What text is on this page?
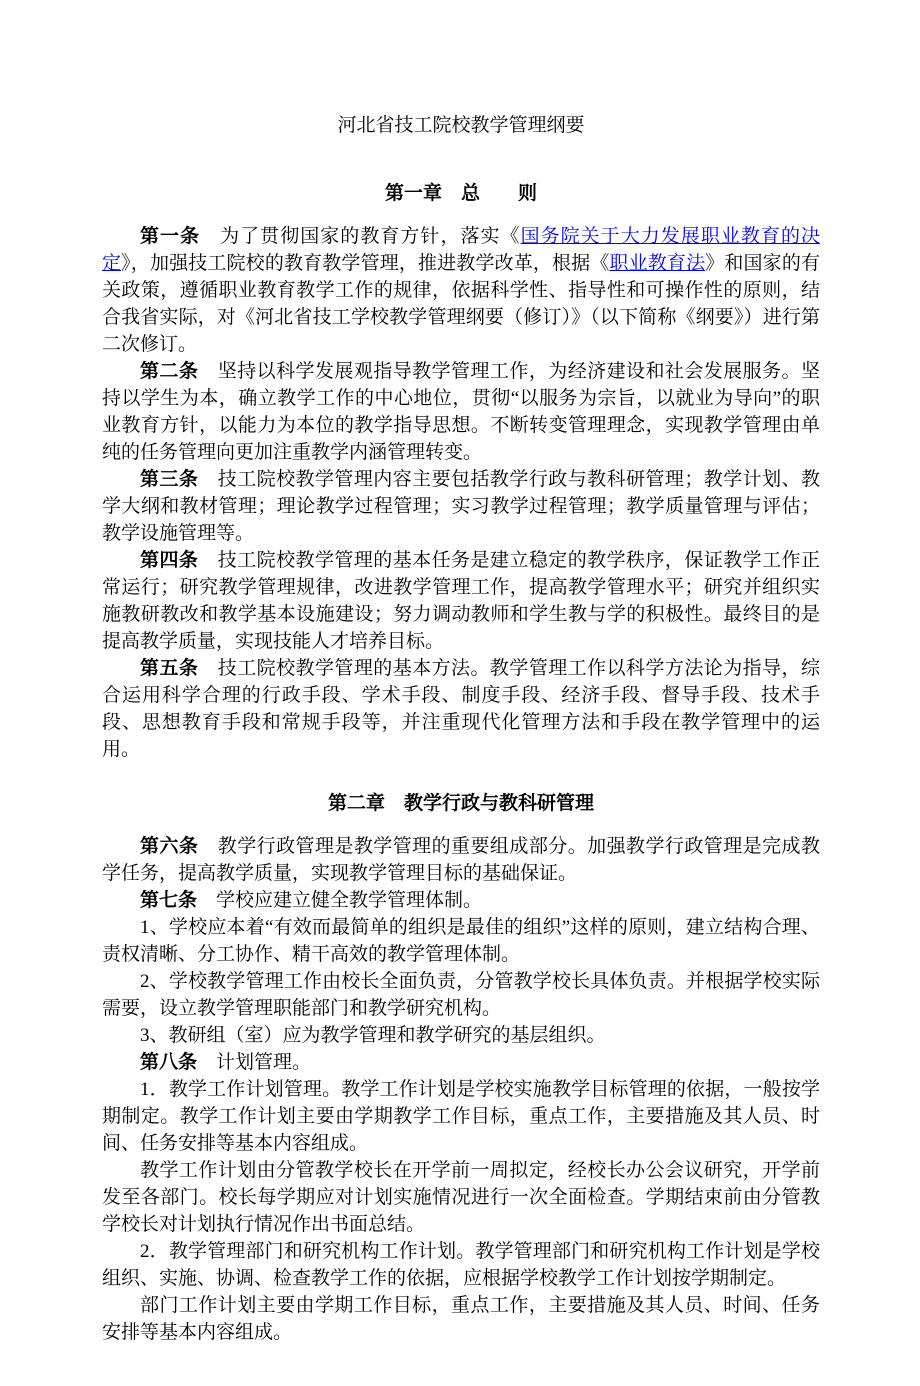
河北省技工院校教学管理纲要
第一章　总　　则

第一条　为了贯彻国家的教育方针，落实《国务院关于大力发展职业教育的决定》，加强技工院校的教育教学管理，推进教学改革，根据《职业教育法》和国家的有关政策，遵循职业教育教学工作的规律，依据科学性、指导性和可操作性的原则，结合我省实际，对《河北省技工学校教学管理纲要（修订）》（以下简称《纲要》）进行第二次修订。

第二条　坚持以科学发展观指导教学管理工作，为经济建设和社会发展服务。坚持以学生为本，确立教学工作的中心地位，贯彻“以服务为宗旨，以就业为导向”的职业教育方针，以能力为本位的教学指导思想。不断转变管理理念，实现教学管理由单纯的任务管理向更加注重教学内涵管理转变。

第三条　技工院校教学管理内容主要包括教学行政与教科研管理；教学计划、教学大纲和教材管理；理论教学过程管理；实习教学过程管理；教学质量管理与评估；教学设施管理等。

第四条　技工院校教学管理的基本任务是建立稳定的教学秩序，保证教学工作正常运行；研究教学管理规律，改进教学管理工作，提高教学管理水平；研究并组织实施教研教改和教学基本设施建设；努力调动教师和学生教与学的积极性。最终目的是提高教学质量，实现技能人才培养目标。

第五条　技工院校教学管理的基本方法。教学管理工作以科学方法论为指导，综合运用科学合理的行政手段、学术手段、制度手段、经济手段、督导手段、技术手段、思想教育手段和常规手段等，并注重现代化管理方法和手段在教学管理中的运用。

第二章　教学行政与教科研管理

第六条　教学行政管理是教学管理的重要组成部分。加强教学行政管理是完成教学任务，提高教学质量，实现教学管理目标的基础保证。

第七条　学校应建立健全教学管理体制。

1、学校应本着“有效而最简单的组织是最佳的组织”这样的原则，建立结构合理、责权清晰、分工协作、精干高效的教学管理体制。

2、学校教学管理工作由校长全面负责，分管教学校长具体负责。并根据学校实际需要，设立教学管理职能部门和教学研究机构。

3、教研组（室）应为教学管理和教学研究的基层组织。

第八条　计划管理。

1．教学工作计划管理。教学工作计划是学校实施教学目标管理的依据，一般按学期制定。教学工作计划主要由学期教学工作目标，重点工作，主要措施及其人员、时间、任务安排等基本内容组成。

教学工作计划由分管教学校长在开学前一周拟定，经校长办公会议研究，开学前发至各部门。校长每学期应对计划实施情况进行一次全面检查。学期结束前由分管教学校长对计划执行情况作出书面总结。

2．教学管理部门和研究机构工作计划。教学管理部门和研究机构工作计划是学校组织、实施、协调、检查教学工作的依据，应根据学校教学工作计划按学期制定。

部门工作计划主要由学期工作目标，重点工作，主要措施及其人员、时间、任务安排等基本内容组成。
